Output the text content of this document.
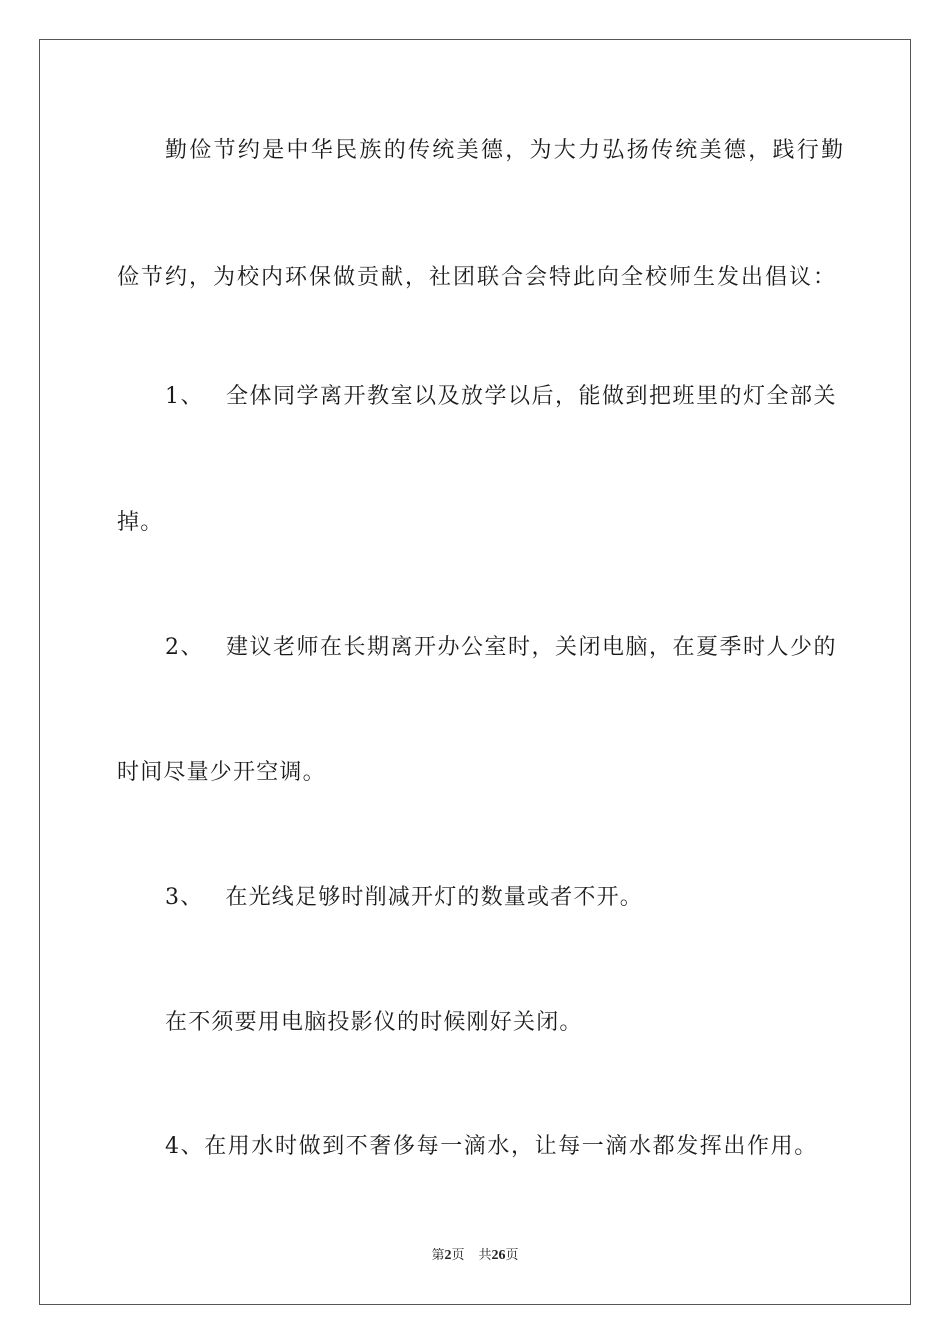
勤俭节约是中华民族的传统美德，为大力弘扬传统美德，践行勤
俭节约，为校内环保做贡献，社团联合会特此向全校师生发出倡议：
1、 全体同学离开教室以及放学以后，能做到把班里的灯全部关
掉。
2、 建议老师在长期离开办公室时，关闭电脑，在夏季时人少的
时间尽量少开空调。
3、 在光线足够时削减开灯的数量或者不开。
在不须要用电脑投影仪的时候刚好关闭。
4、在用水时做到不奢侈每一滴水，让每一滴水都发挥出作用。
第2页 共26页
